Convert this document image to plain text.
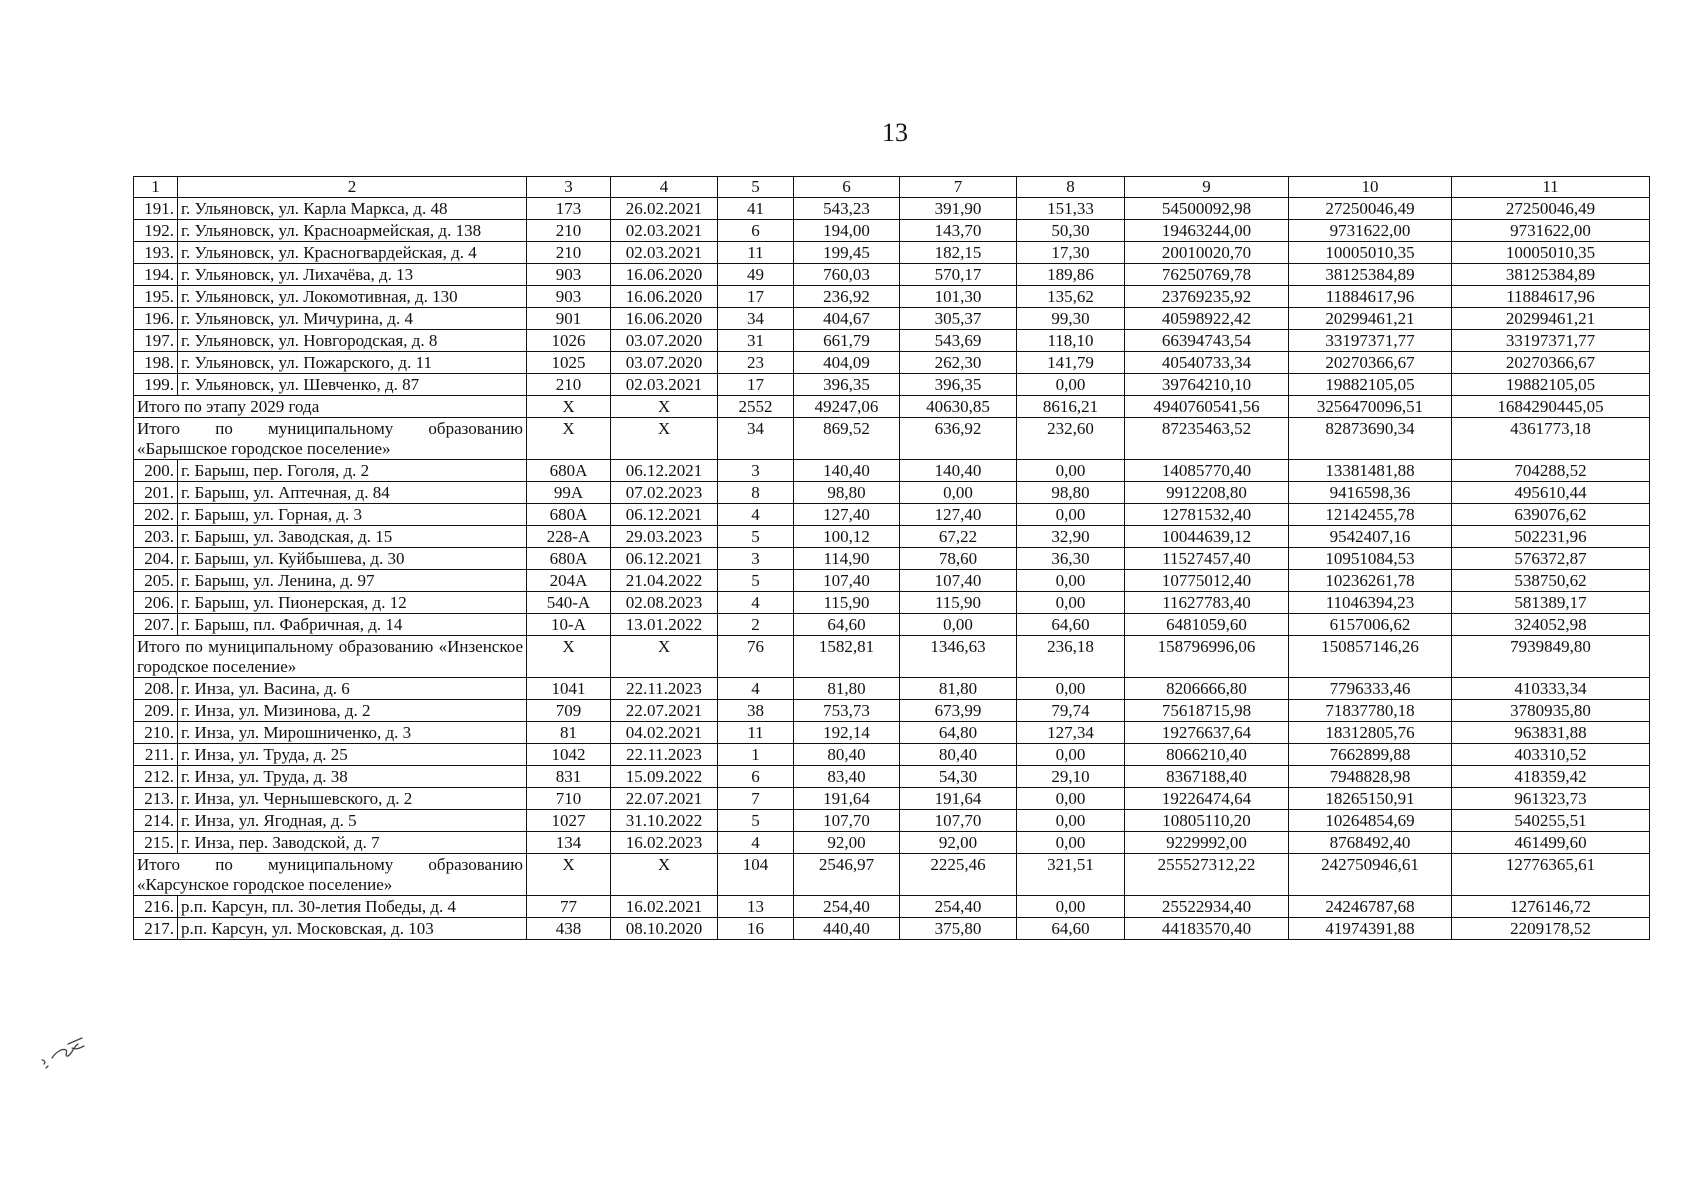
13
1	2	3	4	5	6	7	8	9	10	11
191.	г. Ульяновск, ул. Карла Маркса, д. 48	173	26.02.2021	41	543,23	391,90	151,33	54500092,98	27250046,49	27250046,49
192.	г. Ульяновск, ул. Красноармейская, д. 138	210	02.03.2021	6	194,00	143,70	50,30	19463244,00	9731622,00	9731622,00
193.	г. Ульяновск, ул. Красногвардейская, д. 4	210	02.03.2021	11	199,45	182,15	17,30	20010020,70	10005010,35	10005010,35
194.	г. Ульяновск, ул. Лихачёва, д. 13	903	16.06.2020	49	760,03	570,17	189,86	76250769,78	38125384,89	38125384,89
195.	г. Ульяновск, ул. Локомотивная, д. 130	903	16.06.2020	17	236,92	101,30	135,62	23769235,92	11884617,96	11884617,96
196.	г. Ульяновск, ул. Мичурина, д. 4	901	16.06.2020	34	404,67	305,37	99,30	40598922,42	20299461,21	20299461,21
197.	г. Ульяновск, ул. Новгородская, д. 8	1026	03.07.2020	31	661,79	543,69	118,10	66394743,54	33197371,77	33197371,77
198.	г. Ульяновск, ул. Пожарского, д. 11	1025	03.07.2020	23	404,09	262,30	141,79	40540733,34	20270366,67	20270366,67
199.	г. Ульяновск, ул. Шевченко, д. 87	210	02.03.2021	17	396,35	396,35	0,00	39764210,10	19882105,05	19882105,05
Итого по этапу 2029 года		X	X	2552	49247,06	40630,85	8616,21	4940760541,56	3256470096,51	1684290445,05
Итого по муниципальному образованию «Барышское городское поселение»		X	X	34	869,52	636,92	232,60	87235463,52	82873690,34	4361773,18
200.	г. Барыш, пер. Гоголя, д. 2	680А	06.12.2021	3	140,40	140,40	0,00	14085770,40	13381481,88	704288,52
201.	г. Барыш, ул. Аптечная, д. 84	99А	07.02.2023	8	98,80	0,00	98,80	9912208,80	9416598,36	495610,44
202.	г. Барыш, ул. Горная, д. 3	680А	06.12.2021	4	127,40	127,40	0,00	12781532,40	12142455,78	639076,62
203.	г. Барыш, ул. Заводская, д. 15	228-А	29.03.2023	5	100,12	67,22	32,90	10044639,12	9542407,16	502231,96
204.	г. Барыш, ул. Куйбышева, д. 30	680А	06.12.2021	3	114,90	78,60	36,30	11527457,40	10951084,53	576372,87
205.	г. Барыш, ул. Ленина, д. 97	204А	21.04.2022	5	107,40	107,40	0,00	10775012,40	10236261,78	538750,62
206.	г. Барыш, ул. Пионерская, д. 12	540-А	02.08.2023	4	115,90	115,90	0,00	11627783,40	11046394,23	581389,17
207.	г. Барыш, пл. Фабричная, д. 14	10-А	13.01.2022	2	64,60	0,00	64,60	6481059,60	6157006,62	324052,98
Итого по муниципальному образованию «Инзенское городское поселение»		X	X	76	1582,81	1346,63	236,18	158796996,06	150857146,26	7939849,80
208.	г. Инза, ул. Васина, д. 6	1041	22.11.2023	4	81,80	81,80	0,00	8206666,80	7796333,46	410333,34
209.	г. Инза, ул. Мизинова, д. 2	709	22.07.2021	38	753,73	673,99	79,74	75618715,98	71837780,18	3780935,80
210.	г. Инза, ул. Мирошниченко, д. 3	81	04.02.2021	11	192,14	64,80	127,34	19276637,64	18312805,76	963831,88
211.	г. Инза, ул. Труда, д. 25	1042	22.11.2023	1	80,40	80,40	0,00	8066210,40	7662899,88	403310,52
212.	г. Инза, ул. Труда, д. 38	831	15.09.2022	6	83,40	54,30	29,10	8367188,40	7948828,98	418359,42
213.	г. Инза, ул. Чернышевского, д. 2	710	22.07.2021	7	191,64	191,64	0,00	19226474,64	18265150,91	961323,73
214.	г. Инза, ул. Ягодная, д. 5	1027	31.10.2022	5	107,70	107,70	0,00	10805110,20	10264854,69	540255,51
215.	г. Инза, пер. Заводской, д. 7	134	16.02.2023	4	92,00	92,00	0,00	9229992,00	8768492,40	461499,60
Итого по муниципальному образованию «Карсунское городское поселение»		X	X	104	2546,97	2225,46	321,51	255527312,22	242750946,61	12776365,61
216.	р.п. Карсун, пл. 30-летия Победы, д. 4	77	16.02.2021	13	254,40	254,40	0,00	25522934,40	24246787,68	1276146,72
217.	р.п. Карсун, ул. Московская, д. 103	438	08.10.2020	16	440,40	375,80	64,60	44183570,40	41974391,88	2209178,52
